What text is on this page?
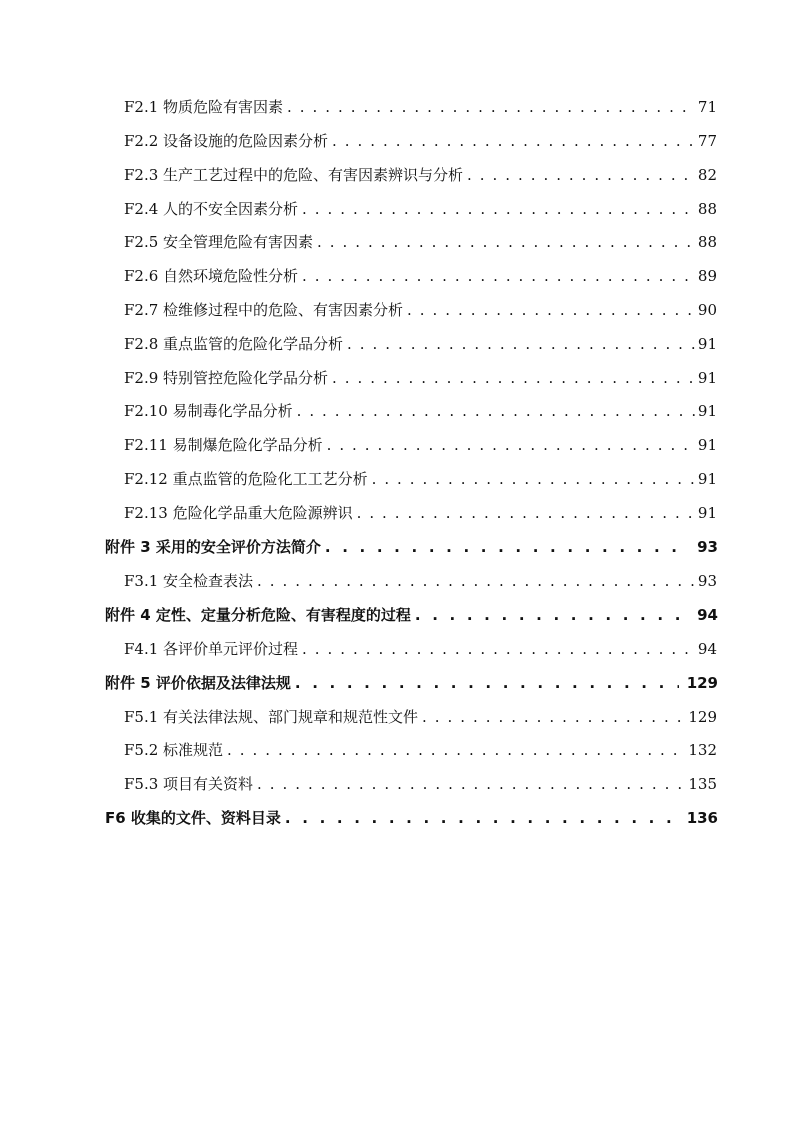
F2.1 物质危险有害因素 . . .	71
F2.2 设备设施的危险因素分析 . . .	77
F2.3 生产工艺过程中的危险、有害因素辨识与分析 . . .	82
F2.4 人的不安全因素分析 . . .	88
F2.5 安全管理危险有害因素 . . .	88
F2.6 自然环境危险性分析 . . .	89
F2.7 检维修过程中的危险、有害因素分析 . . .	90
F2.8 重点监管的危险化学品分析 . . .	91
F2.9 特别管控危险化学品分析 . . .	91
F2.10 易制毒化学品分析 . . .	91
F2.11 易制爆危险化学品分析 . . .	91
F2.12 重点监管的危险化工工艺分析 . . .	91
F2.13 危险化学品重大危险源辨识 . . .	91
附件 3 采用的安全评价方法简介 . . .	93
F3.1 安全检查表法 . . .	93
附件 4 定性、定量分析危险、有害程度的过程 . . .	94
F4.1 各评价单元评价过程 . . .	94
附件 5 评价依据及法律法规 . . .	129
F5.1 有关法律法规、部门规章和规范性文件 . . .	129
F5.2 标准规范 . . .	132
F5.3 项目有关资料 . . .	135
F6 收集的文件、资料目录 . . .	136
